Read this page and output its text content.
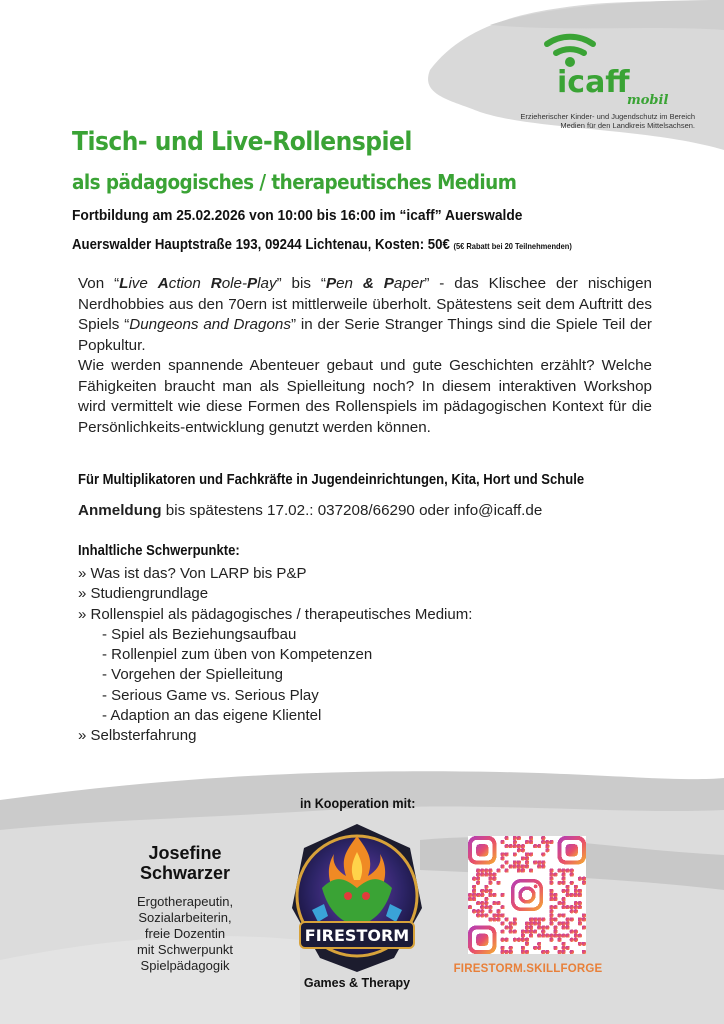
icaff
mobil
Erzieherischer Kinder- und Jugendschutz im Bereich
Medien für den Landkreis Mittelsachsen.
Tisch- und Live-Rollenspiel
als pädagogisches / therapeutisches Medium
Fortbildung am 25.02.2026 von 10:00 bis 16:00 im “icaff” Auerswalde
Auerswalder Hauptstraße 193, 09244 Lichtenau, Kosten: 50€ (5€ Rabatt bei 20 Teilnehmenden)
Von “Live Action Role-Play” bis “Pen & Paper” - das Klischee der nischigen Nerdhobbies aus den 70ern ist mittlerweile überholt. Spätestens seit dem Auftritt des Spiels “Dungeons and Dragons” in der Serie Stranger Things sind die Spiele Teil der Popkultur.
Wie werden spannende Abenteuer gebaut und gute Geschichten erzählt? Welche Fähigkeiten braucht man als Spielleitung noch? In diesem interaktiven Workshop wird vermittelt wie diese Formen des Rollenspiels im pädagogischen Kontext für die Persönlichkeits-entwicklung genutzt werden können.
Für Multiplikatoren und Fachkräfte in Jugendeinrichtungen, Kita, Hort und Schule
Anmeldung bis spätestens 17.02.: 037208/66290 oder info@icaff.de
Inhaltliche Schwerpunkte:
» Was ist das? Von LARP bis P&P
» Studiengrundlage
» Rollenspiel als pädagogisches / therapeutisches Medium:
- Spiel als Beziehungsaufbau
- Rollenpiel zum üben von Kompetenzen
- Vorgehen der Spielleitung
- Serious Game vs. Serious Play
- Adaption an das eigene Klientel
» Selbsterfahrung
in Kooperation mit:
Josefine
Schwarzer
Ergotherapeutin,
Sozialarbeiterin,
freie Dozentin
mit Schwerpunkt
Spielpädagogik
FIRESTORM
Games & Therapy
FIRESTORM.SKILLFORGE
